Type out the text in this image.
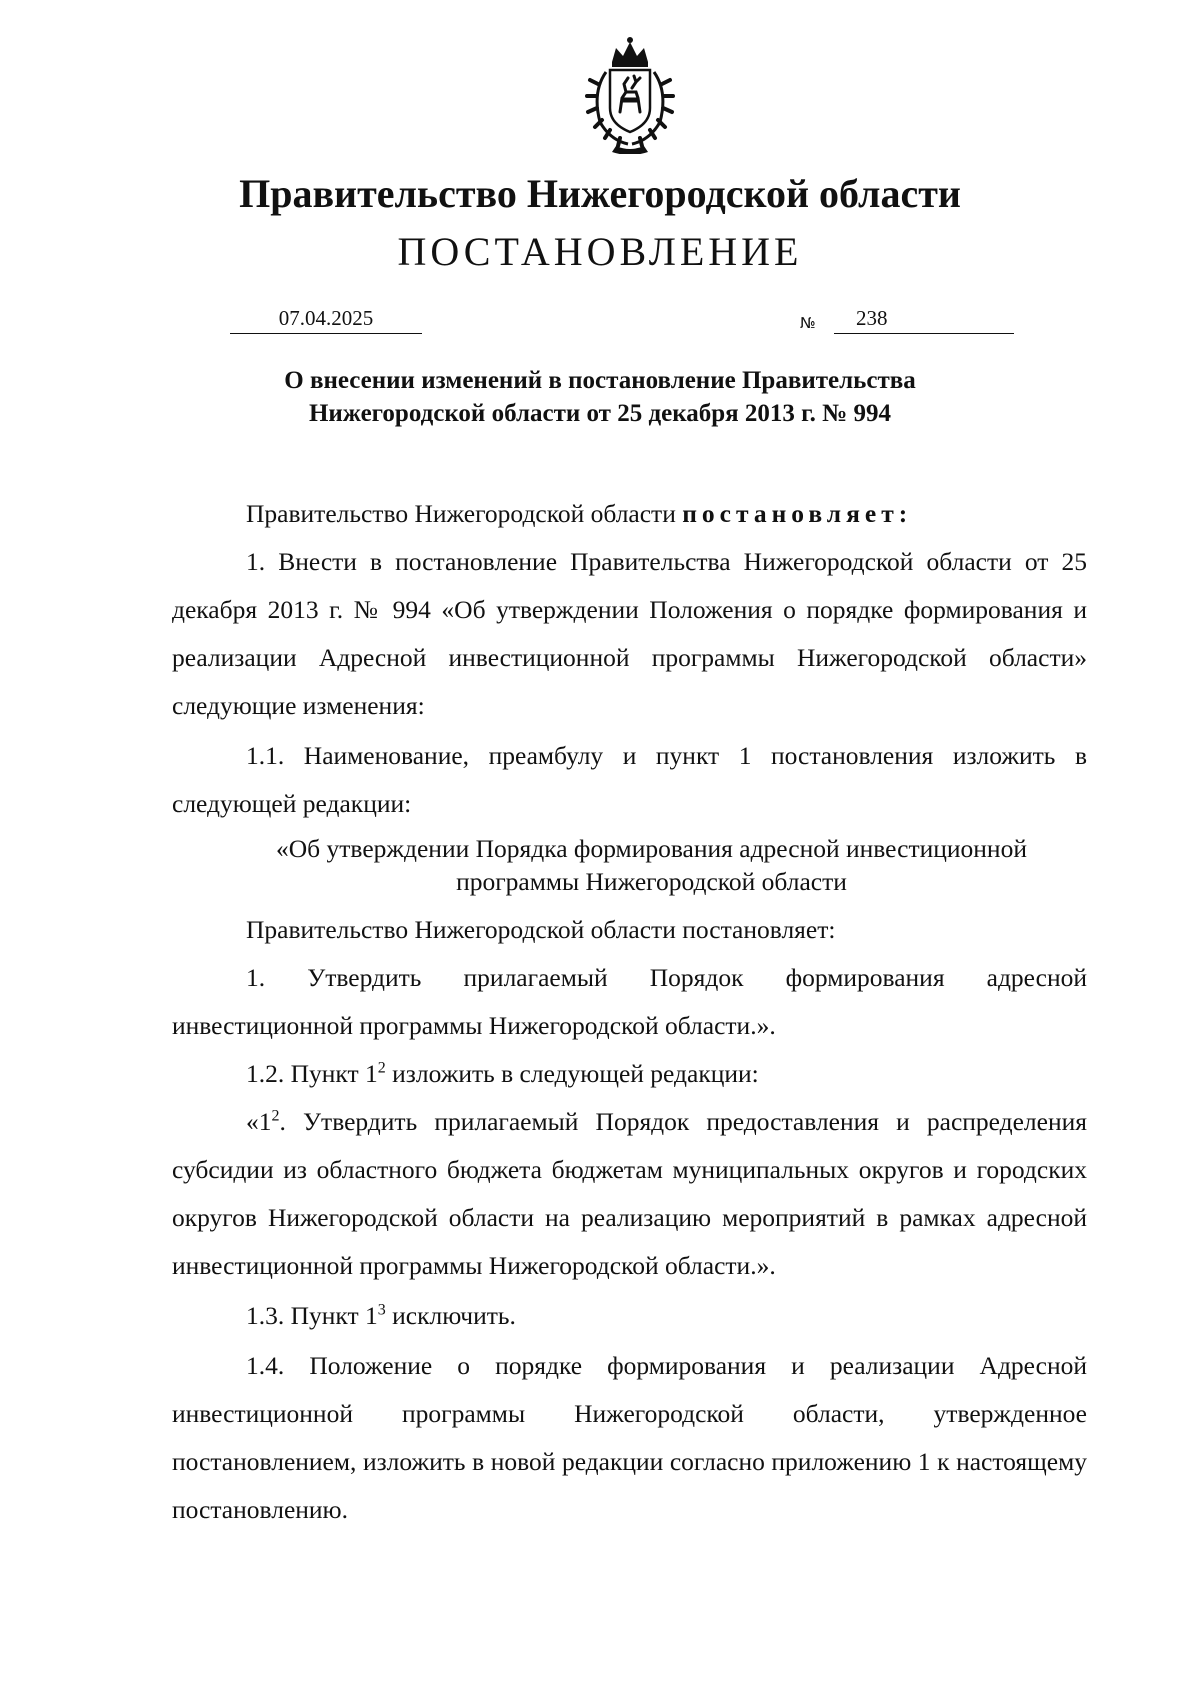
Правительство Нижегородской области
ПОСТАНОВЛЕНИЕ
07.04.2025	№	238
О внесении изменений в постановление Правительства
Нижегородской области от 25 декабря 2013 г. № 994

Правительство Нижегородской области постановляет:

1. Внести в постановление Правительства Нижегородской области от 25 декабря 2013 г. № 994 «Об утверждении Положения о порядке формирования и реализации Адресной инвестиционной программы Нижегородской области» следующие изменения:

1.1. Наименование, преамбулу и пункт 1 постановления изложить в следующей редакции:

«Об утверждении Порядка формирования адресной инвестиционной
программы Нижегородской области

Правительство Нижегородской области постановляет:

1. Утвердить прилагаемый Порядок формирования адресной инвестиционной программы Нижегородской области.».

1.2. Пункт $1^2$ изложить в следующей редакции:

«$1^2$. Утвердить прилагаемый Порядок предоставления и распределения субсидии из областного бюджета бюджетам муниципальных округов и городских округов Нижегородской области на реализацию мероприятий в рамках адресной инвестиционной программы Нижегородской области.».

1.3. Пункт $1^3$ исключить.

1.4. Положение о порядке формирования и реализации Адресной инвестиционной программы Нижегородской области, утвержденное постановлением, изложить в новой редакции согласно приложению 1 к настоящему постановлению.
